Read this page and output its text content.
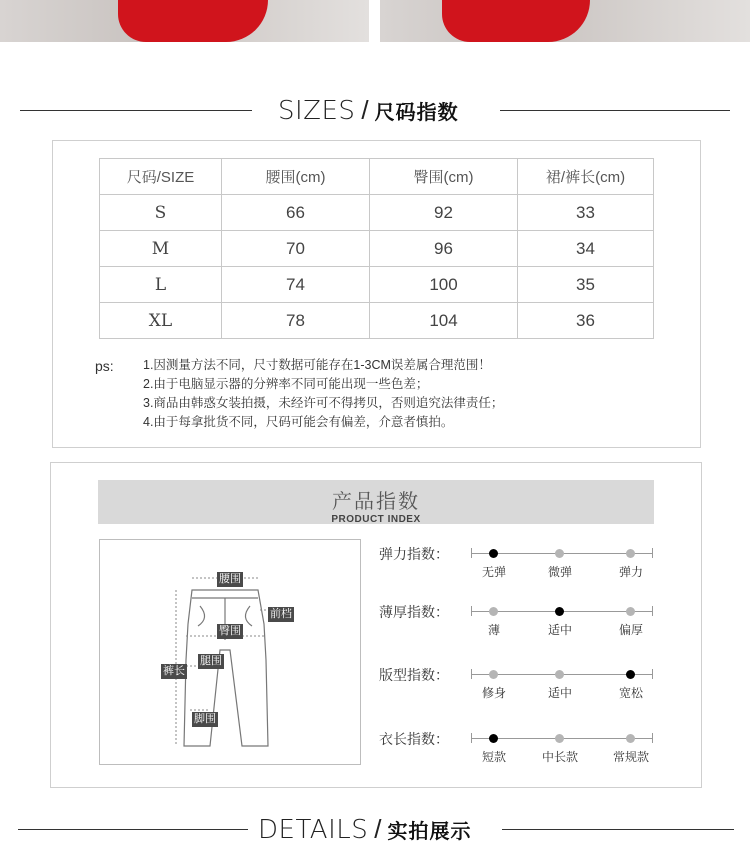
SIZES / 尺码指数
尺码/SIZE	腰围(cm)	臀围(cm)	裙/裤长(cm)
S	66	92	33
M	70	96	34
L	74	100	35
XL	78	104	36
ps: 1.因测量方法不同，尺寸数据可能存在1-3CM误差属合理范围！
2.由于电脑显示器的分辨率不同可能出现一些色差；
3.商品由韩惑女装拍摄，未经许可不得拷贝，否则追究法律责任；
4.由于每拿批货不同，尺码可能会有偏差，介意者慎拍。
产品指数
PRODUCT INDEX
腰围
前档
臀围
裤长
腿围
脚围
弹力指数：
无弹	微弹	弹力
薄厚指数：
薄	适中	偏厚
版型指数：
修身	适中	宽松
衣长指数：
短款	中长款	常规款
DETAILS / 实拍展示
